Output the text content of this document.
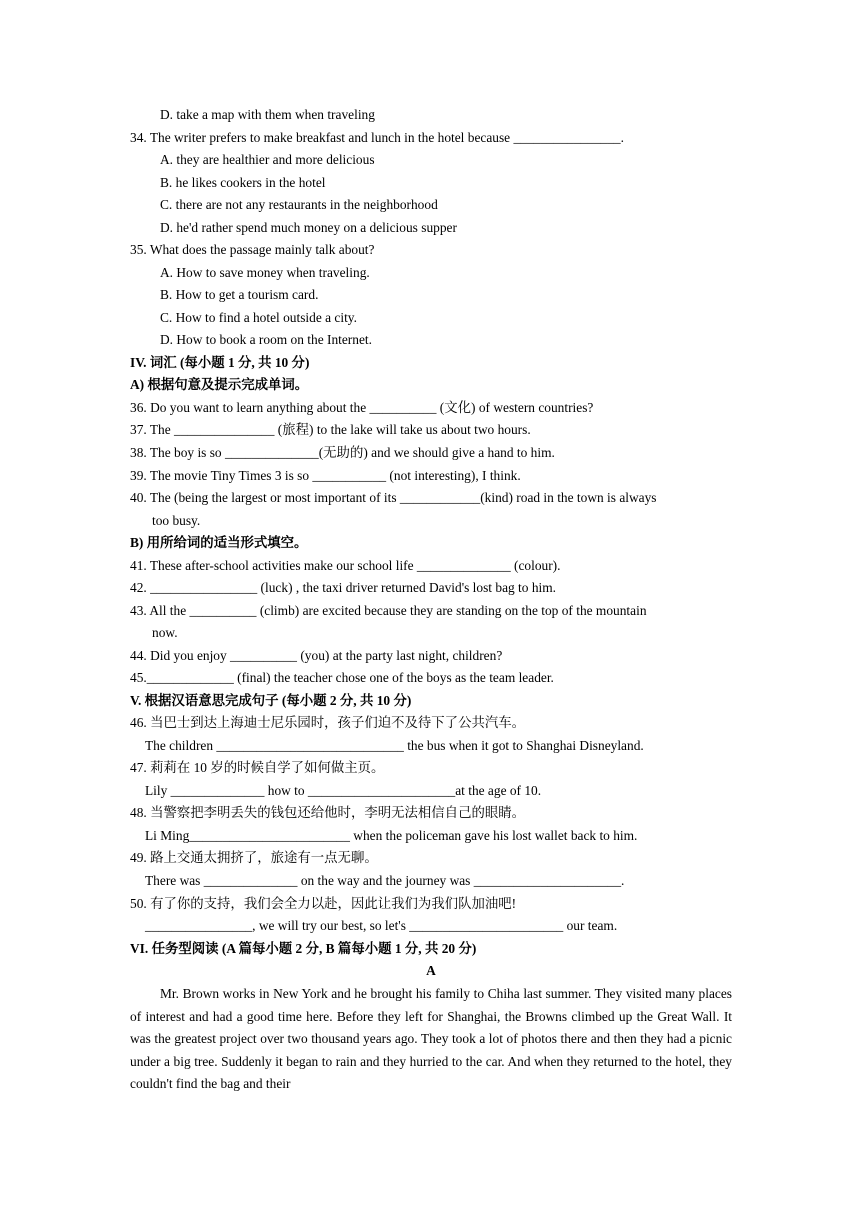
D. take a map with them when traveling
34. The writer prefers to make breakfast and lunch in the hotel because ________________.
A. they are healthier and more delicious
B. he likes cookers in the hotel
C. there are not any restaurants in the neighborhood
D. he'd rather spend much money on a delicious supper
35. What does the passage mainly talk about?
A. How to save money when traveling.
B. How to get a tourism card.
C. How to find a hotel outside a city.
D. How to book a room on the Internet.
IV. 词汇 (每小题 1 分, 共 10 分)
A) 根据句意及提示完成单词。
36. Do you want to learn anything about the __________ (文化) of western countries?
37. The _______________ (旅程) to the lake will take us about two hours.
38. The boy is so ______________(无助的) and we should give a hand to him.
39. The movie Tiny Times 3 is so ___________ (not interesting), I think.
40. The (being the largest or most important of its ____________(kind) road in the town is always
too busy.
B) 用所给词的适当形式填空。
41. These after-school activities make our school life ______________ (colour).
42. ________________ (luck) , the taxi driver returned David's lost bag to him.
43. All the __________ (climb) are excited because they are standing on the top of the mountain
now.
44. Did you enjoy __________ (you) at the party last night, children?
45._____________ (final) the teacher chose one of the boys as the team leader.
V. 根据汉语意思完成句子 (每小题 2 分, 共 10 分)
46. 当巴士到达上海迪士尼乐园时，孩子们迫不及待下了公共汽车。
The children ____________________________ the bus when it got to Shanghai Disneyland.
47. 莉莉在 10 岁的时候自学了如何做主页。
Lily ______________ how to ______________________at the age of 10.
48. 当警察把李明丢失的钱包还给他时，李明无法相信自己的眼睛。
Li Ming________________________ when the policeman gave his lost wallet back to him.
49. 路上交通太拥挤了，旅途有一点无聊。
There was ______________ on the way and the journey was ______________________.
50. 有了你的支持，我们会全力以赴，因此让我们为我们队加油吧!
________________, we will try our best, so let's _______________________ our team.
VI. 任务型阅读 (A 篇每小题 2 分, B 篇每小题 1 分, 共 20 分)
A
Mr. Brown works in New York and he brought his family to Chiha last summer. They visited many places of interest and had a good time here. Before they left for Shanghai, the Browns climbed up the Great Wall. It was the greatest project over two thousand years ago. They took a lot of photos there and then they had a picnic under a big tree. Suddenly it began to rain and they hurried to the car. And when they returned to the hotel, they couldn't find the bag and their
